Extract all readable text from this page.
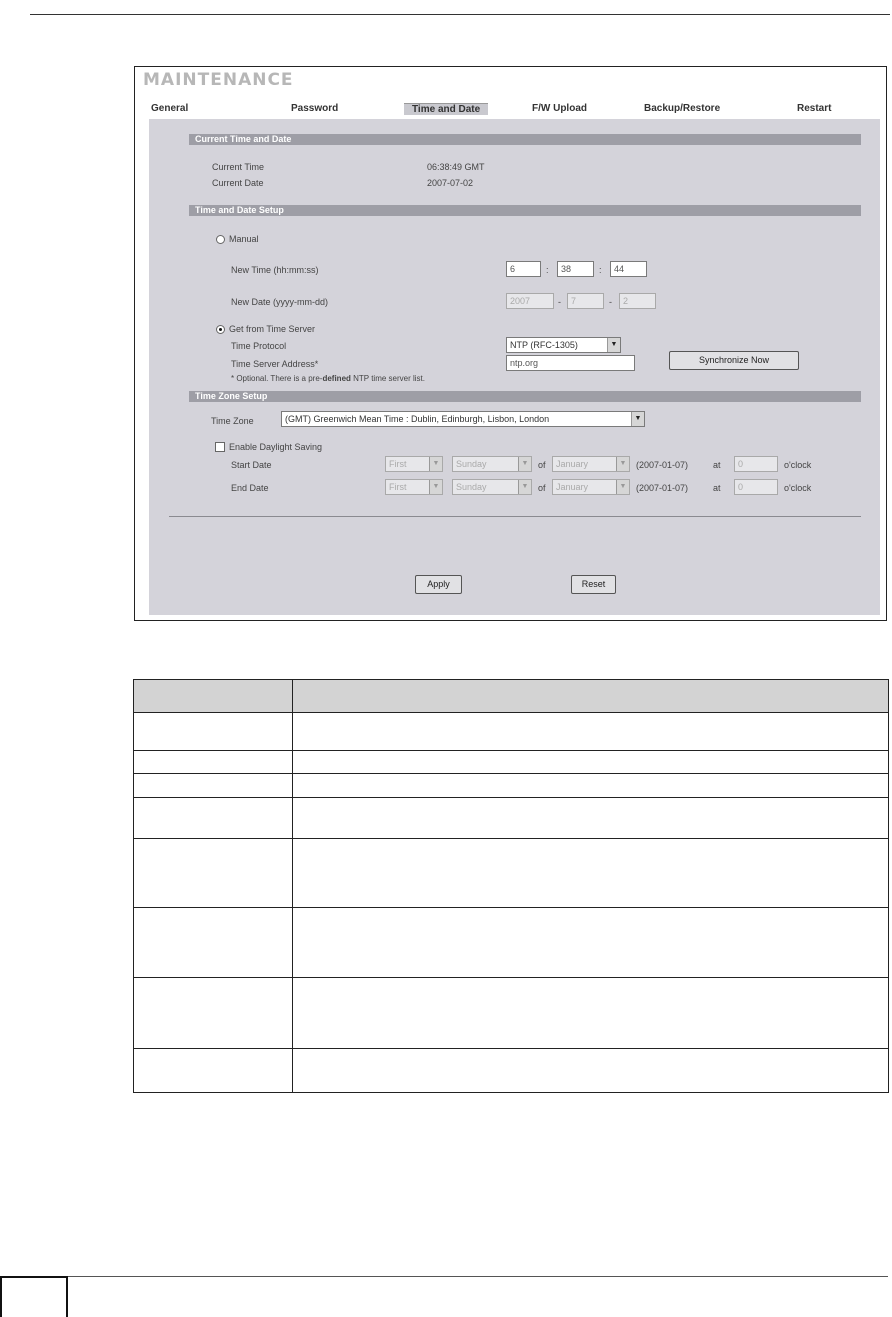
MAINTENANCE
General	Password	Time and Date	F/W Upload	Backup/Restore	Restart
Current Time and Date
Current Time	06:38:49 GMT
Current Date	2007-07-02
Time and Date Setup
Manual
New Time (hh:mm:ss)	6	:	38	:	44
New Date (yyyy-mm-dd)	2007	-	7	-	2
Get from Time Server
Time Protocol	NTP (RFC-1305)	▼
Time Server Address*	ntp.org	Synchronize Now
* Optional. There is a pre-defined NTP time server list.
Time Zone Setup
Time Zone	(GMT) Greenwich Mean Time : Dublin, Edinburgh, Lisbon, London	▼
Enable Daylight Saving
Start Date	First	▼	Sunday	▼ of	January	▼ (2007-01-07)	at	0	o'clock
End Date	First	▼	Sunday	▼ of	January	▼ (2007-01-07)	at	0	o'clock
Apply	Reset
